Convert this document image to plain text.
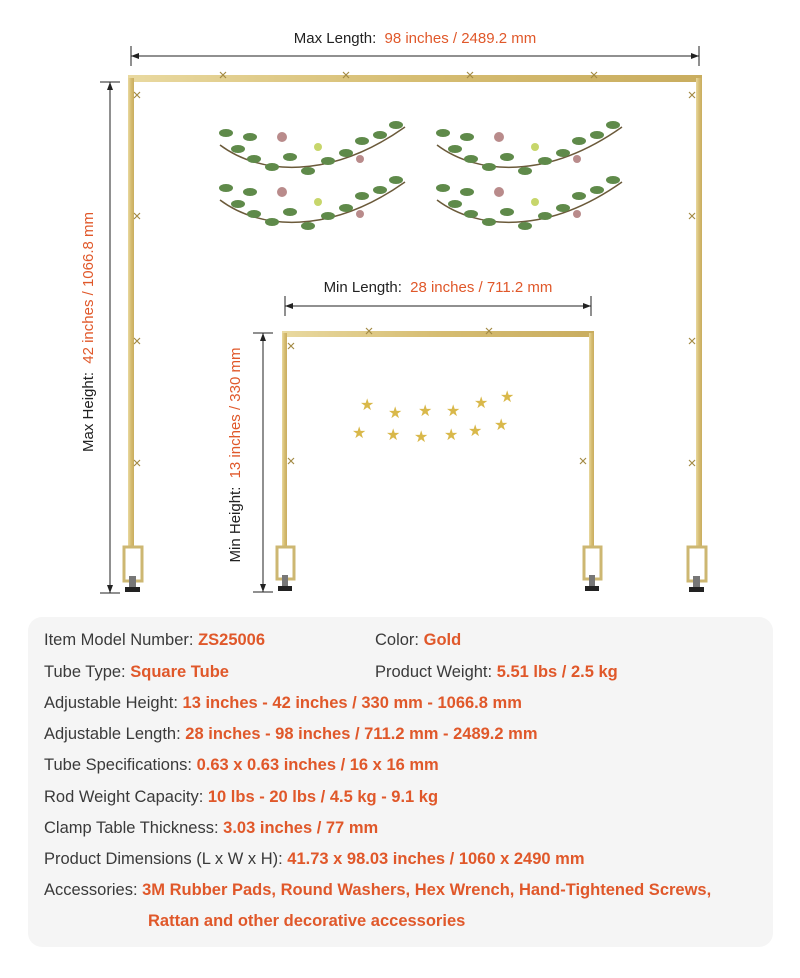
Max Length: 98 inches / 2489.2 mm
Max Height: 42 inches / 1066.8 mm	Min Length: 28 inches / 711.2 mm
Min Height: 13 inches / 330 mm	★ ★ ★ ★ ★ ★
★ ★ ★ ★ ★ ★
Item Model Number: ZS25006	Color: Gold
Tube Type: Square Tube	Product Weight: 5.51 lbs / 2.5 kg
Adjustable Height: 13 inches - 42 inches / 330 mm - 1066.8 mm
Adjustable Length: 28 inches - 98 inches / 711.2 mm - 2489.2 mm
Tube Specifications: 0.63 x 0.63 inches / 16 x 16 mm
Rod Weight Capacity: 10 lbs - 20 lbs / 4.5 kg - 9.1 kg
Clamp Table Thickness: 3.03 inches / 77 mm
Product Dimensions (L x W x H): 41.73 x 98.03 inches / 1060 x 2490 mm
Accessories: 3M Rubber Pads, Round Washers, Hex Wrench, Hand-Tightened Screws,
Rattan and other decorative accessories
